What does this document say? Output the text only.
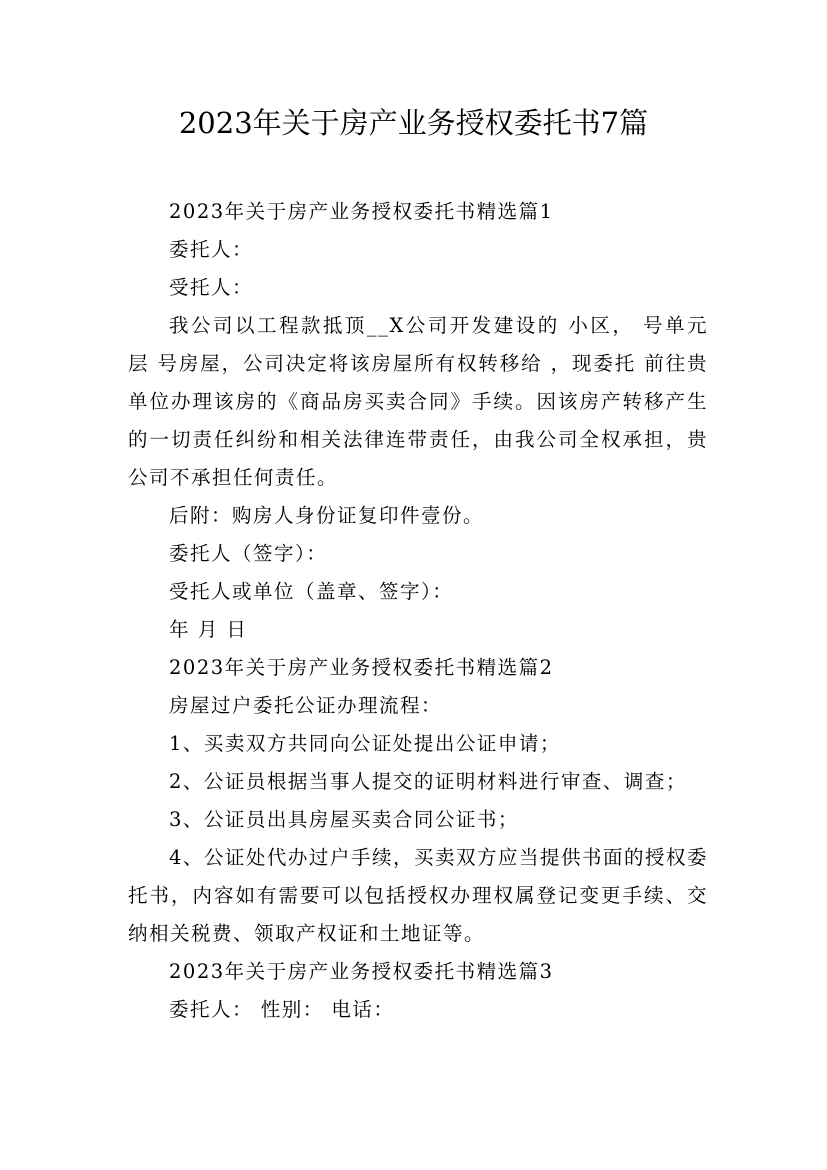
2023年关于房产业务授权委托书7篇

2023年关于房产业务授权委托书精选篇1

委托人：

受托人：

我公司以工程款抵顶__X公司开发建设的 小区， 号单元 层 号房屋，公司决定将该房屋所有权转移给 ，现委托 前往贵单位办理该房的《商品房买卖合同》手续。因该房产转移产生的一切责任纠纷和相关法律连带责任，由我公司全权承担，贵公司不承担任何责任。

后附：购房人身份证复印件壹份。

委托人（签字）：

受托人或单位（盖章、签字）：

年 月 日

2023年关于房产业务授权委托书精选篇2

房屋过户委托公证办理流程：

1、买卖双方共同向公证处提出公证申请；

2、公证员根据当事人提交的证明材料进行审查、调查；

3、公证员出具房屋买卖合同公证书；

4、公证处代办过户手续，买卖双方应当提供书面的授权委托书，内容如有需要可以包括授权办理权属登记变更手续、交纳相关税费、领取产权证和土地证等。

2023年关于房产业务授权委托书精选篇3

委托人： 性别： 电话：
